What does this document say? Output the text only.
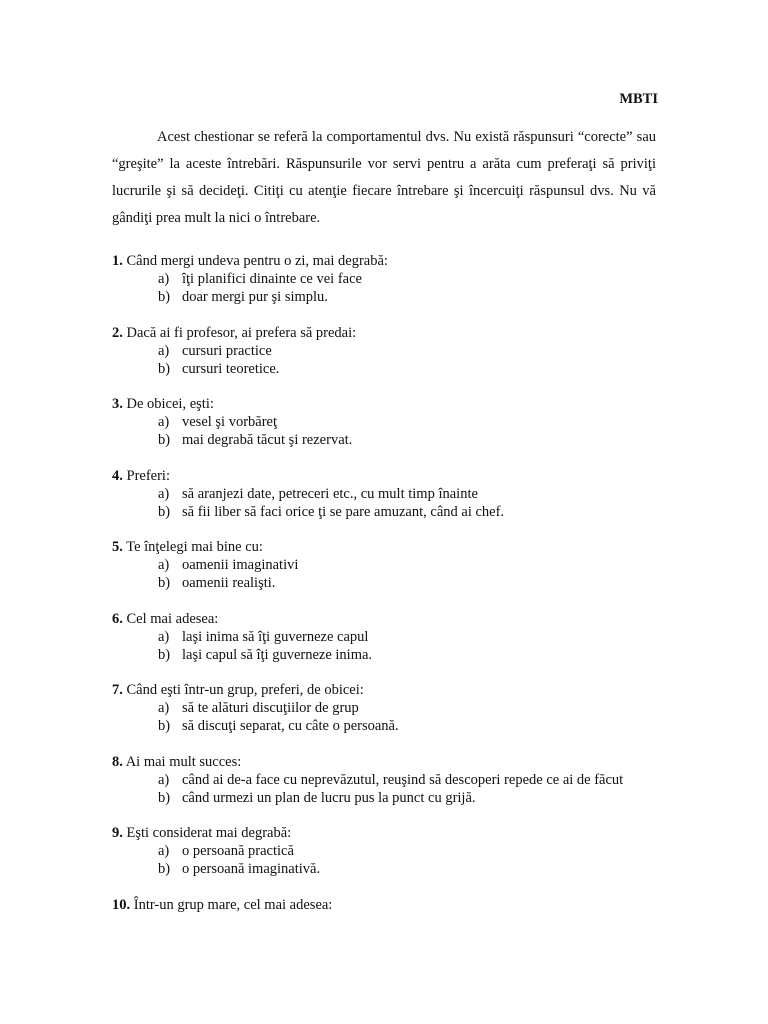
MBTI

Acest chestionar se referă la comportamentul dvs. Nu există răspunsuri “corecte” sau “greşite” la aceste întrebări. Răspunsurile vor servi pentru a arăta cum preferaţi să priviţi lucrurile şi să decideţi. Citiţi cu atenţie fiecare întrebare şi încercuiţi răspunsul dvs. Nu vă gândiţi prea mult la nici o întrebare.

1. Când mergi undeva pentru o zi, mai degrabă:
a) îţi planifici dinainte ce vei face
b) doar mergi pur şi simplu.
2. Dacă ai fi profesor, ai prefera să predai:
a) cursuri practice
b) cursuri teoretice.
3. De obicei, eşti:
a) vesel şi vorbăreţ
b) mai degrabă tăcut şi rezervat.
4. Preferi:
a) să aranjezi date, petreceri etc., cu mult timp înainte
b) să fii liber să faci orice ţi se pare amuzant, când ai chef.
5. Te înţelegi mai bine cu:
a) oamenii imaginativi
b) oamenii realişti.
6. Cel mai adesea:
a) laşi inima să îţi guverneze capul
b) laşi capul să îţi guverneze inima.
7. Când eşti într-un grup, preferi, de obicei:
a) să te alături discuţiilor de grup
b) să discuţi separat, cu câte o persoană.
8. Ai mai mult succes:
a) când ai de-a face cu neprevăzutul, reuşind să descoperi repede ce ai de făcut
b) când urmezi un plan de lucru pus la punct cu grijă.
9. Eşti considerat mai degrabă:
a) o persoană practică
b) o persoană imaginativă.
10. Într-un grup mare, cel mai adesea:
